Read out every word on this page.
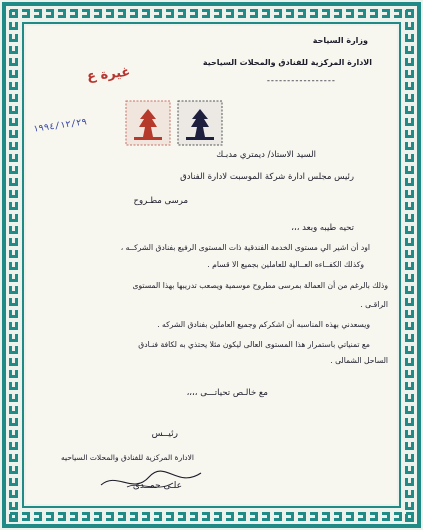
وزارة السياحة
الادارة المركزية للفنادق والمحلات السياحية
-----------------
غيرة ع
١٩٩٤/١٢/٢٩
السيد الاستاذ/ ديمتري مدبـك
رئيس مجلس ادارة شركة الموسبت لادارة الفنادق
مرسى مطـروح
تحيه طيبه وبعد ،،،
اود أن اشير الي مستوى الخدمة الفندقية ذات المستوى الرفيع بفنادق الشركــه ،
وكذلك الكفــاءه العــالية للعاملين بجميع الا قسام .
وذلك بالرغم من أن العمالة بمرسى مطروح موسمية ويصعب تدريبها بهذا المستوى
الراقـى .
ويسعدني بهذه المناسبه أن اشكركم وجميع العاملين بفنادق الشركه .
مع تمنياتي باستمرار هذا المستوى العالى ليكون مثلا يحتذي به لكافة فنـادق
الساحل الشمالى .
مع خالـص تحياتـــى ،،،،
رئيــس
الادارة المركزية للفنادق والمحلات السياحيه
علـى حمــدى
